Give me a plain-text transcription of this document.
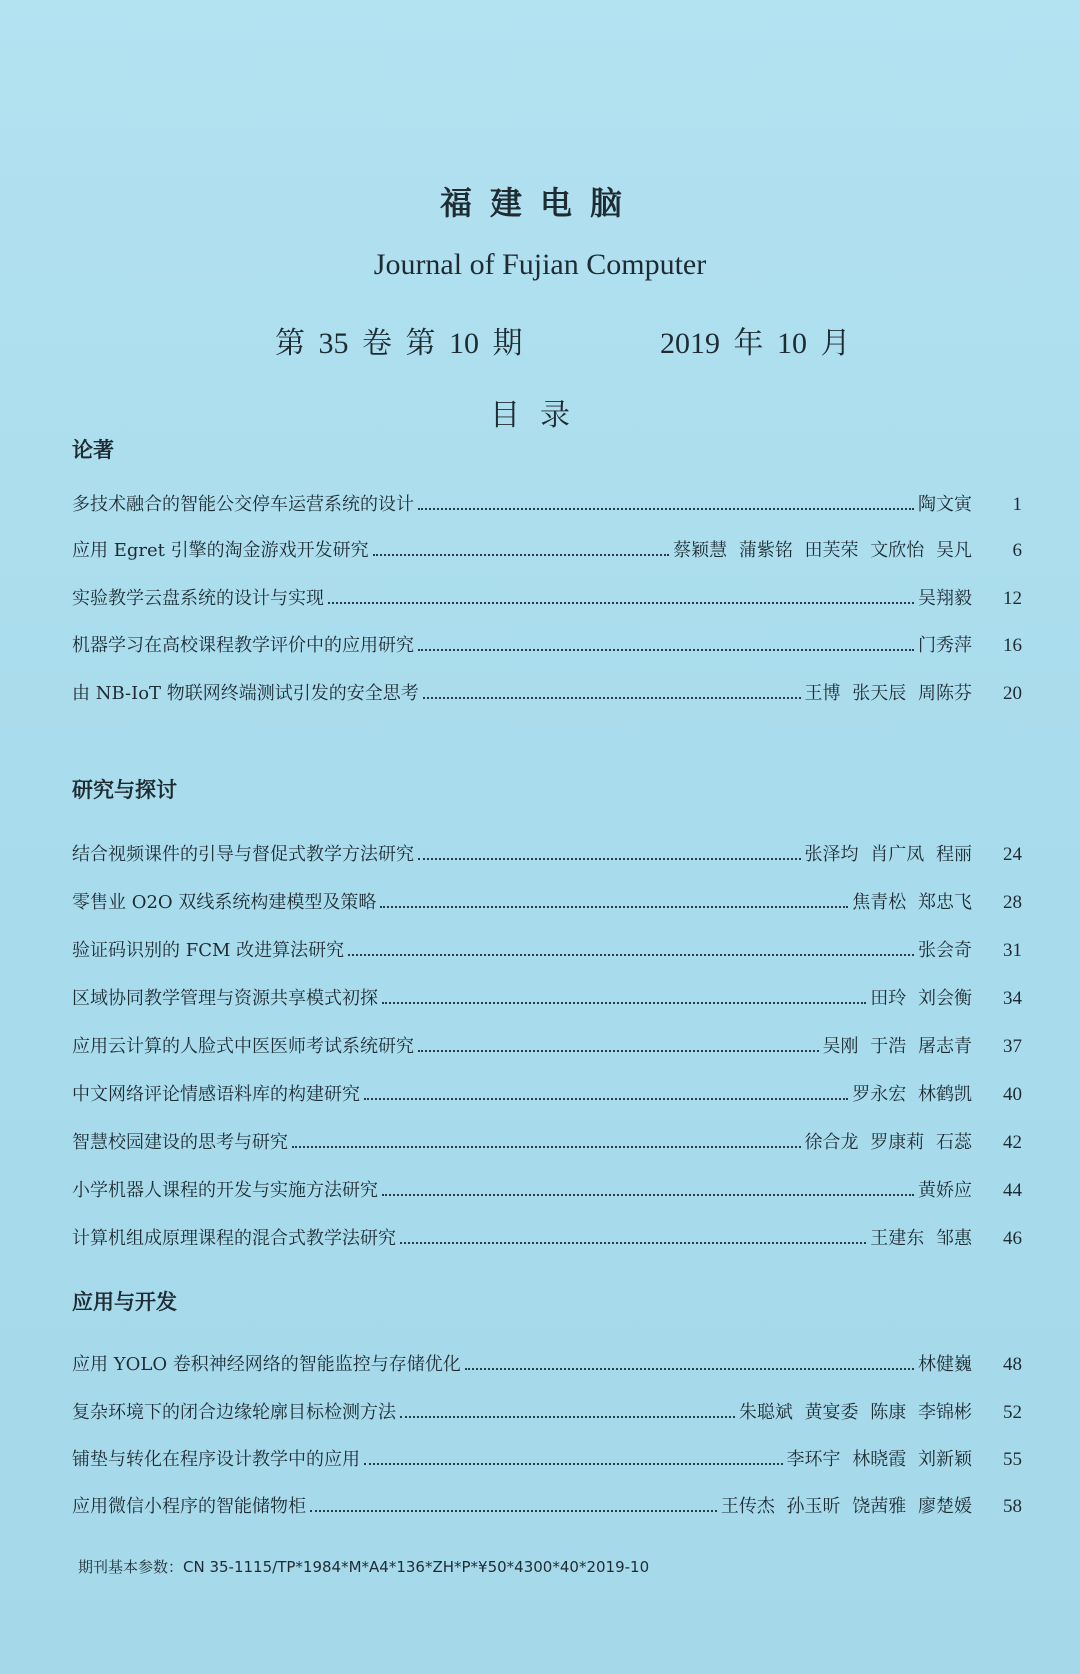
福建电脑
Journal of Fujian Computer
第 35 卷 第 10 期	2019 年 10 月
目录
论著
多技术融合的智能公交停车运营系统的设计	陶文寅	1
应用 Egret 引擎的淘金游戏开发研究	蔡颖慧 蒲紫铭 田芙荣 文欣怡 吴凡	6
实验教学云盘系统的设计与实现	吴翔毅	12
机器学习在高校课程教学评价中的应用研究	门秀萍	16
由 NB-IoT 物联网终端测试引发的安全思考	王博 张天辰 周陈芬	20
研究与探讨
结合视频课件的引导与督促式教学方法研究	张泽均 肖广凤 程丽	24
零售业 O2O 双线系统构建模型及策略	焦青松 郑忠飞	28
验证码识别的 FCM 改进算法研究	张会奇	31
区域协同教学管理与资源共享模式初探	田玲 刘会衡	34
应用云计算的人脸式中医医师考试系统研究	吴刚 于浩 屠志青	37
中文网络评论情感语料库的构建研究	罗永宏 林鹤凯	40
智慧校园建设的思考与研究	徐合龙 罗康莉 石蕊	42
小学机器人课程的开发与实施方法研究	黄娇应	44
计算机组成原理课程的混合式教学法研究	王建东 邹惠	46
应用与开发
应用 YOLO 卷积神经网络的智能监控与存储优化	林健巍	48
复杂环境下的闭合边缘轮廓目标检测方法	朱聪斌 黄宴委 陈康 李锦彬	52
铺垫与转化在程序设计教学中的应用	李环宇 林晓霞 刘新颖	55
应用微信小程序的智能储物柜	王传杰 孙玉昕 饶茜雅 廖楚媛	58
期刊基本参数：CN 35-1115/TP*1984*M*A4*136*ZH*P*¥50*4300*40*2019-10
